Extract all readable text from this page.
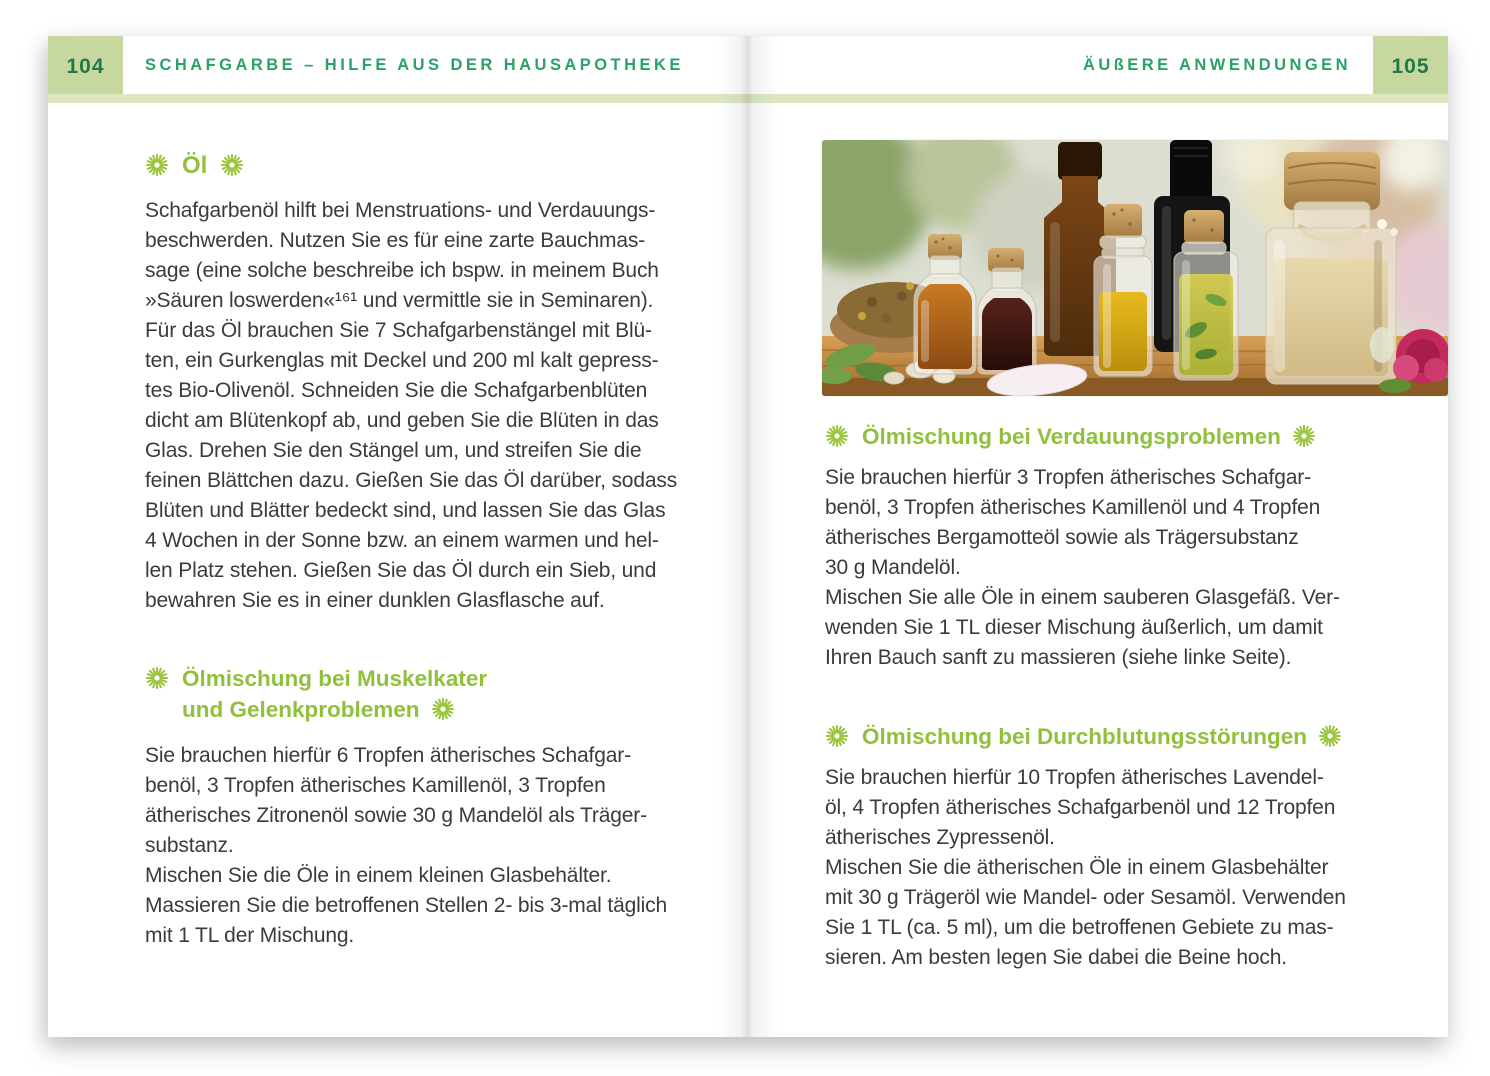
SCHAFGARBE – HILFE AUS DER HAUSAPOTHEKE	ÄUßERE ANWENDUNGEN
104	105
Öl
Schafgarbenöl hilft bei Menstruations- und Verdauungs-
beschwerden. Nutzen Sie es für eine zarte Bauchmas-
sage (eine solche beschreibe ich bspw. in meinem Buch
»Säuren loswerden«¹⁶¹ und vermittle sie in Seminaren).
Für das Öl brauchen Sie 7 Schafgarbenstängel mit Blü-
ten, ein Gurkenglas mit Deckel und 200 ml kalt gepress-
tes Bio-Olivenöl. Schneiden Sie die Schafgarbenblüten
dicht am Blütenkopf ab, und geben Sie die Blüten in das
Glas. Drehen Sie den Stängel um, und streifen Sie die
feinen Blättchen dazu. Gießen Sie das Öl darüber, sodass
Blüten und Blätter bedeckt sind, und lassen Sie das Glas
4 Wochen in der Sonne bzw. an einem warmen und hel-
len Platz stehen. Gießen Sie das Öl durch ein Sieb, und
bewahren Sie es in einer dunklen Glasflasche auf.
Ölmischung bei Muskelkater
und Gelenkproblemen
Sie brauchen hierfür 6 Tropfen ätherisches Schafgar-
benöl, 3 Tropfen ätherisches Kamillenöl, 3 Tropfen
ätherisches Zitronenöl sowie 30 g Mandelöl als Träger-
substanz.
Mischen Sie die Öle in einem kleinen Glasbehälter.
Massieren Sie die betroffenen Stellen 2- bis 3-mal täglich
mit 1 TL der Mischung.
Ölmischung bei Verdauungsproblemen
Sie brauchen hierfür 3 Tropfen ätherisches Schafgar-
benöl, 3 Tropfen ätherisches Kamillenöl und 4 Tropfen
ätherisches Bergamotteöl sowie als Trägersubstanz
30 g Mandelöl.
Mischen Sie alle Öle in einem sauberen Glasgefäß. Ver-
wenden Sie 1 TL dieser Mischung äußerlich, um damit
Ihren Bauch sanft zu massieren (siehe linke Seite).
Ölmischung bei Durchblutungsstörungen
Sie brauchen hierfür 10 Tropfen ätherisches Lavendel-
öl, 4 Tropfen ätherisches Schafgarbenöl und 12 Tropfen
ätherisches Zypressenöl.
Mischen Sie die ätherischen Öle in einem Glasbehälter
mit 30 g Trägeröl wie Mandel- oder Sesamöl. Verwenden
Sie 1 TL (ca. 5 ml), um die betroffenen Gebiete zu mas-
sieren. Am besten legen Sie dabei die Beine hoch.
